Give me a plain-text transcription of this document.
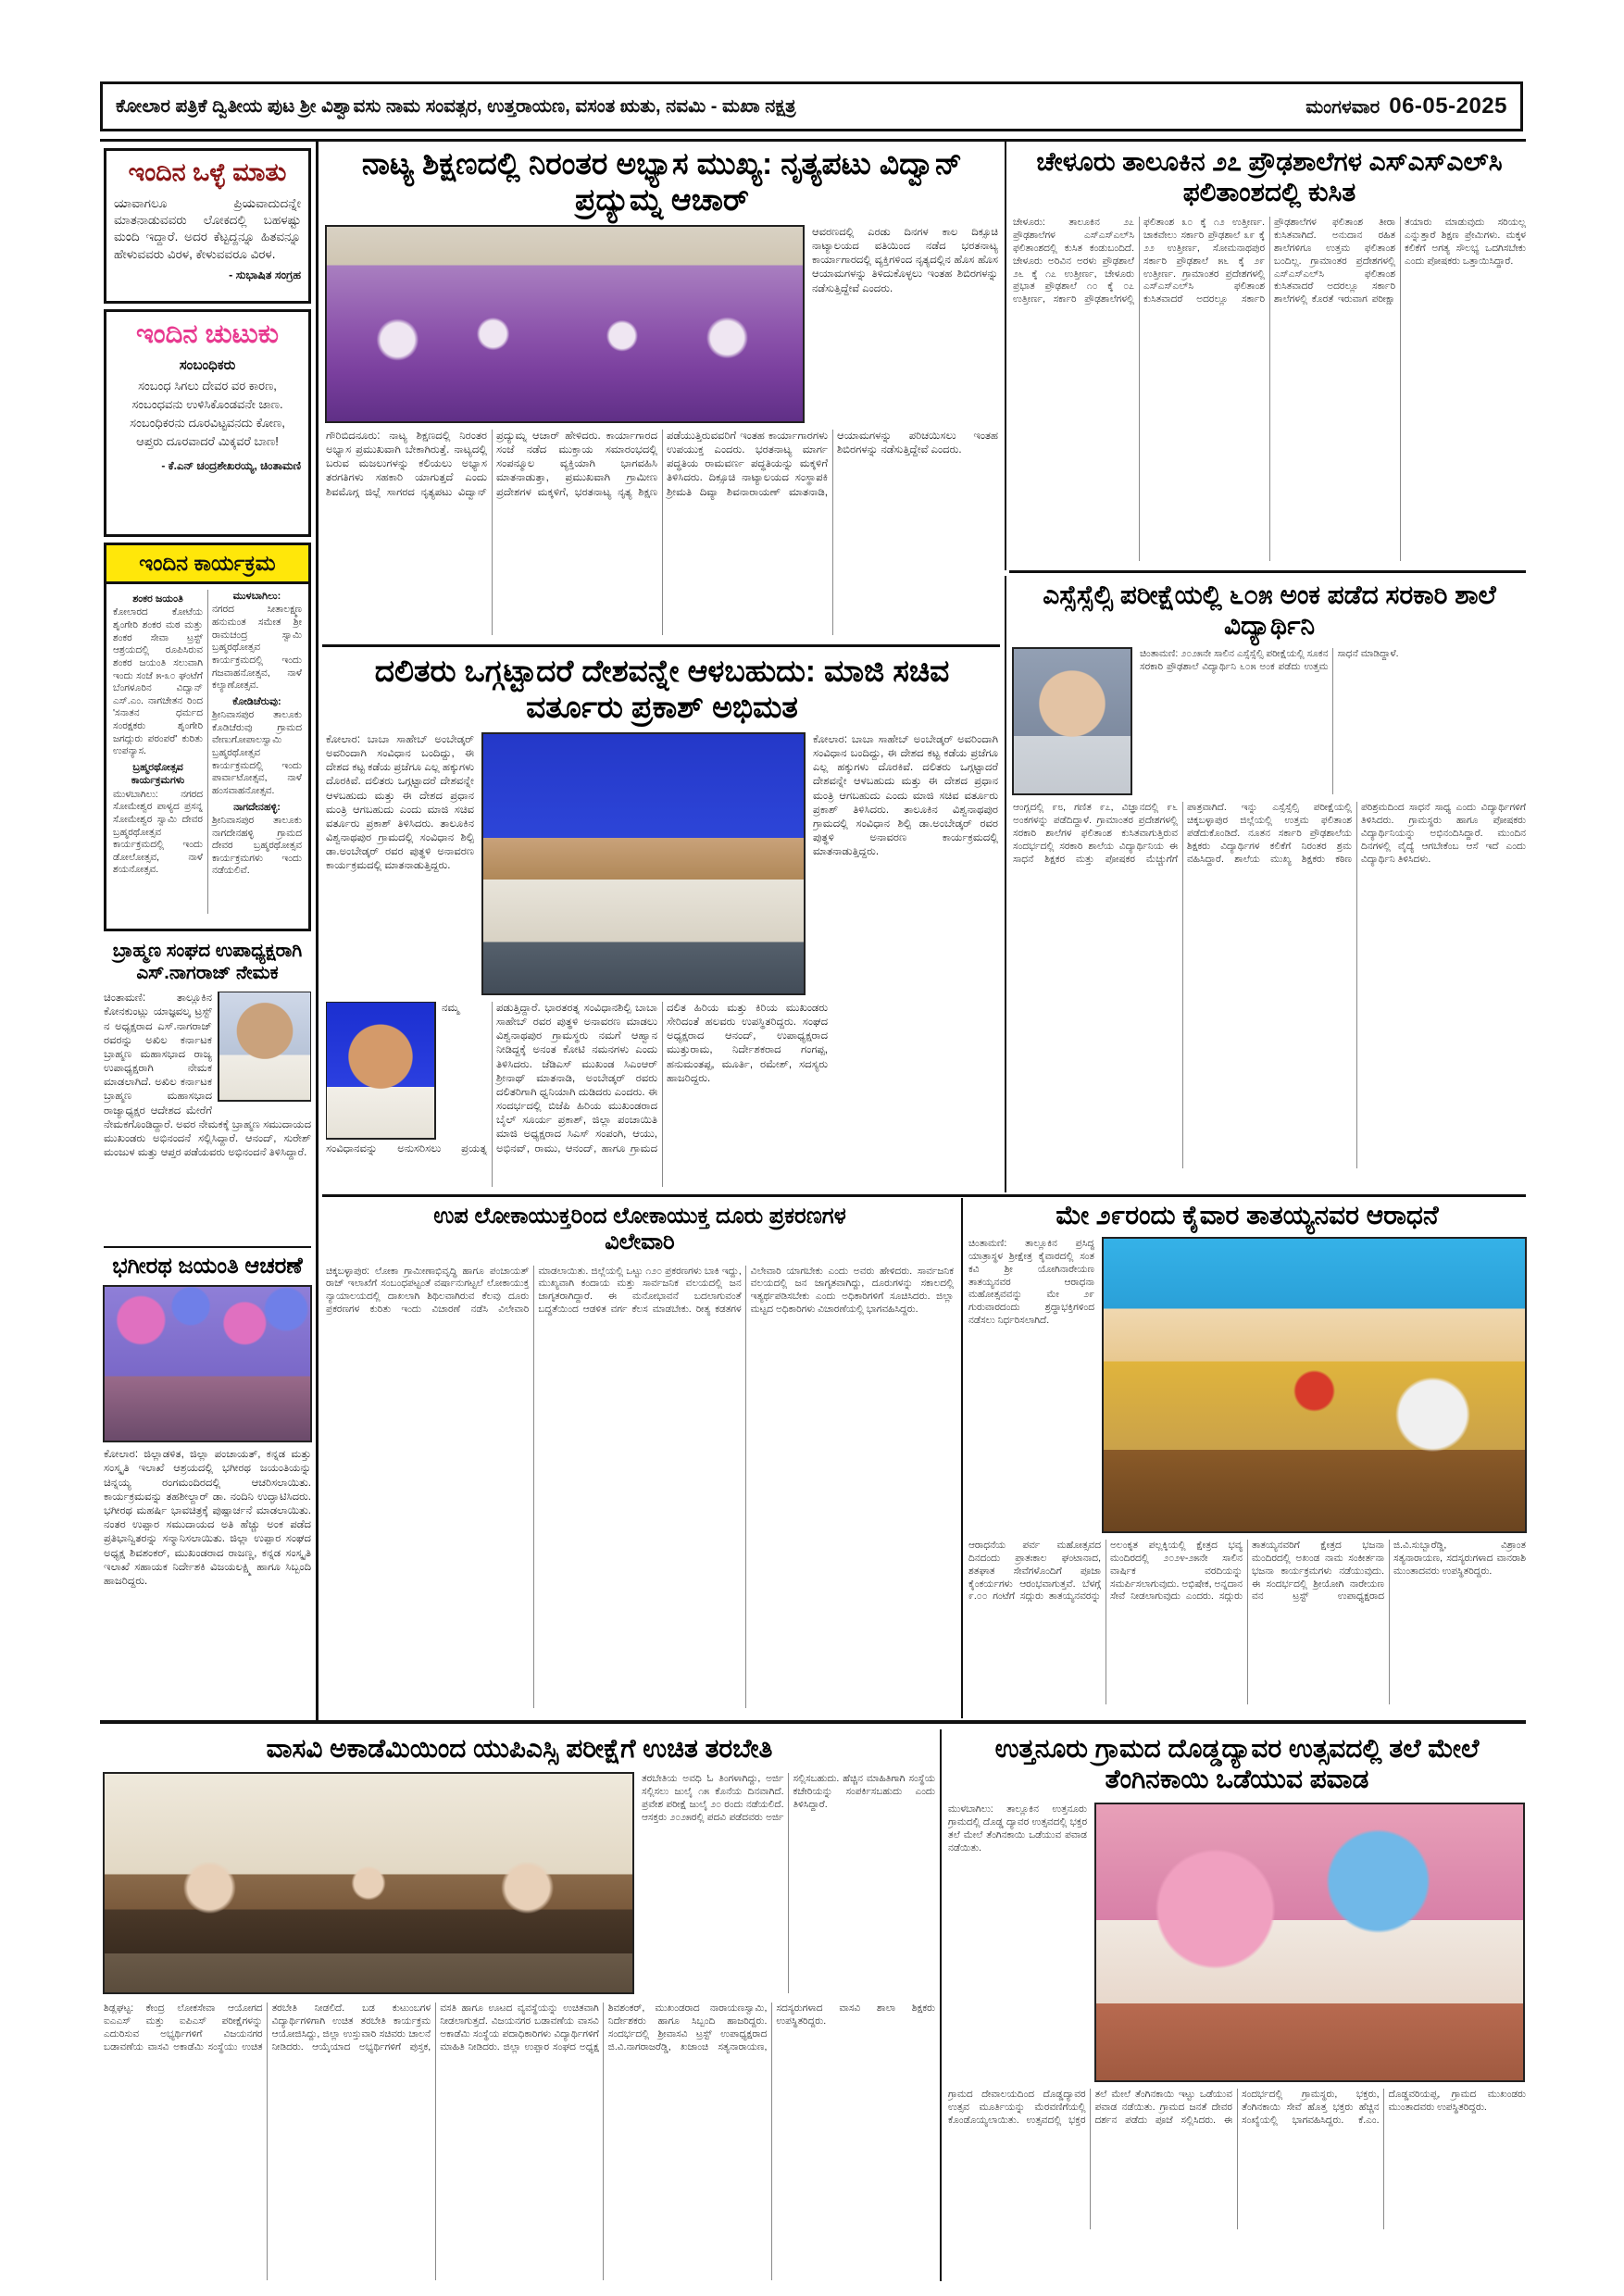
ಕೋಲಾರ ಪತ್ರಿಕೆ ದ್ವಿತೀಯ ಪುಟ ಶ್ರೀ ವಿಶ್ವಾವಸು ನಾಮ ಸಂವತ್ಸರ, ಉತ್ತರಾಯಣ, ವಸಂತ ಋತು, ನವಮಿ - ಮಖಾ ನಕ್ಷತ್ರ	ಮಂಗಳವಾರ 06-05-2025
ಇಂದಿನ ಒಳ್ಳೆ ಮಾತು
ಯಾವಾಗಲೂ ಪ್ರಿಯವಾದುದನ್ನೇ ಮಾತನಾಡುವವರು ಲೋಕದಲ್ಲಿ ಬಹಳಷ್ಟು ಮಂದಿ ಇದ್ದಾರೆ. ಅದರ ಕೆಟ್ಟದ್ದನ್ನೂ ಹಿತವನ್ನೂ ಹೇಳುವವರು ವಿರಳ, ಕೇಳುವವರೂ ವಿರಳ.
- ಸುಭಾಷಿತ ಸಂಗ್ರಹ
ಇಂದಿನ ಚುಟುಕು
ಸಂಬಂಧಿಕರು
ಸಂಬಂಧ ಸಿಗಲು ದೇವರ ವರ ಕಾರಣ,
ಸಂಬಂಧವನು ಉಳಿಸಿಕೊಂಡವನೇ ಜಾಣ.
ಸಂಬಂಧಿಕರನು ದೂರವಿಟ್ಟವನದು ಕೋಣ,
ಆಪ್ತರು ದೂರವಾದರೆ ಮಿಕ್ಕವರೆ ಬಾಣ!
- ಕೆ.ಎನ್ ಚಂದ್ರಶೇಖರಯ್ಯ, ಚಿಂತಾಮಣಿ
ಇಂದಿನ ಕಾರ್ಯಕ್ರಮ
ಶಂಕರ ಜಯಂತಿ
ಕೋಲಾರದ ಕೋಟೆಯ ಶೃಂಗೇರಿ ಶಂಕರ ಮಠ ಮತ್ತು ಶಂಕರ ಸೇವಾ ಟ್ರಸ್ಟ್ ಆಶ್ರಯದಲ್ಲಿ ರೂಪಿಸಿರುವ ಶಂಕರ ಜಯಂತಿ ಸಲುವಾಗಿ ಇಂದು ಸಂಜೆ ೫-೩೦ ಘಂಟೆಗೆ ಬೆಂಗಳೂರಿನ ವಿದ್ವಾನ್ ಎಸ್.ಎಂ. ನಾಗಚೇತನ ರಿಂದ 'ಸನಾತನ ಧರ್ಮದ ಸಂರಕ್ಷಕರು ಶೃಂಗೇರಿ ಜಗದ್ಗುರು ಪರಂಪರೆ' ಕುರಿತು ಉಪನ್ಯಾಸ.
ಬ್ರಹ್ಮರಥೋತ್ಸವ ಕಾರ್ಯಕ್ರಮಗಳು
ಮುಳಬಾಗಿಲು: ನಗರದ ಸೋಮೇಶ್ವರ ಪಾಳ್ಯದ ಪ್ರಸನ್ನ ಸೋಮೇಶ್ವರ ಸ್ವಾಮಿ ದೇವರ ಬ್ರಹ್ಮರಥೋತ್ಸವ ಕಾರ್ಯಕ್ರಮದಲ್ಲಿ ಇಂದು ಡೋಲೋತ್ಸವ, ನಾಳೆ ಶಯನೋತ್ಸವ.
ಮುಳಬಾಗಿಲು:
ನಗರದ ಸೀತಾಲಕ್ಷ್ಮಣ ಹನುಮಂತ ಸಮೇತ ಶ್ರೀ ರಾಮಚಂದ್ರ ಸ್ವಾಮಿ ಬ್ರಹ್ಮರಥೋತ್ಸವ ಕಾರ್ಯಕ್ರಮದಲ್ಲಿ ಇಂದು ಗಜವಾಹನೋತ್ಸವ, ನಾಳೆ ಕಲ್ಯಾಣೋತ್ಸವ.
ಕೋಡಿಚೆರುವು:
ಶ್ರೀನಿವಾಸಪುರ ತಾಲೂಕು ಕೊಡಿಚೆರುವು ಗ್ರಾಮದ ವೇಣುಗೋಪಾಲಸ್ವಾಮಿ ಬ್ರಹ್ಮರಥೋತ್ಸವ ಕಾರ್ಯಕ್ರಮದಲ್ಲಿ ಇಂದು ಪಾರ್ವಾಟೋತ್ಸವ, ನಾಳೆ ಹಂಸವಾಹನೋತ್ಸವ.
ನಾಗದೇನಹಳ್ಳಿ:
ಶ್ರೀನಿವಾಸಪುರ ತಾಲೂಕು ನಾಗದೇನಹಳ್ಳಿ ಗ್ರಾಮದ ದೇವರ ಬ್ರಹ್ಮರಥೋತ್ಸವ ಕಾರ್ಯಕ್ರಮಗಳು ಇಂದು ನಡೆಯಲಿವೆ.
ಬ್ರಾಹ್ಮಣ ಸಂಘದ ಉಪಾಧ್ಯಕ್ಷರಾಗಿ ಎಸ್.ನಾಗರಾಜ್ ನೇಮಕ
ಚಿಂತಾಮಣಿ: ತಾಲ್ಲೂಕಿನ ಕೋನಕುಂಟ್ಲು ಯಾಜ್ಞವಲ್ಕ ಟ್ರಸ್ಟ್ ನ ಅಧ್ಯಕ್ಷರಾದ ಎಸ್.ನಾಗರಾಜ್ ರವರನ್ನು ಅಖಿಲ ಕರ್ನಾಟಕ ಬ್ರಾಹ್ಮಣ ಮಹಾಸಭಾದ ರಾಜ್ಯ ಉಪಾಧ್ಯಕ್ಷರಾಗಿ ನೇಮಕ ಮಾಡಲಾಗಿದೆ. ಅಖಿಲ ಕರ್ನಾಟಕ ಬ್ರಾಹ್ಮಣ ಮಹಾಸಭಾದ ರಾಜ್ಯಾಧ್ಯಕ್ಷರ ಆದೇಶದ ಮೇರೆಗೆ ನೇಮಕಗೊಂಡಿದ್ದಾರೆ. ಅವರ ನೇಮಕಕ್ಕೆ ಬ್ರಾಹ್ಮಣ ಸಮುದಾಯದ ಮುಖಂಡರು ಅಭಿನಂದನೆ ಸಲ್ಲಿಸಿದ್ದಾರೆ. ಆನಂದ್, ಸುರೇಶ್ ಮಂಜುಳ ಮತ್ತು ಆಪ್ತರ ಪಡೆಯವರು ಅಭಿನಂದನೆ ತಿಳಿಸಿದ್ದಾರೆ.
ಭಗೀರಥ ಜಯಂತಿ ಆಚರಣೆ
ಕೋಲಾರ: ಜಿಲ್ಲಾಡಳಿತ, ಜಿಲ್ಲಾ ಪಂಚಾಯತ್, ಕನ್ನಡ ಮತ್ತು ಸಂಸ್ಕೃತಿ ಇಲಾಖೆ ಆಶ್ರಯದಲ್ಲಿ ಭಗೀರಥ ಜಯಂತಿಯನ್ನು ಚಿನ್ನಯ್ಯ ರಂಗಮಂದಿರದಲ್ಲಿ ಆಚರಿಸಲಾಯಿತು. ಕಾರ್ಯಕ್ರಮವನ್ನು ತಹಶೀಲ್ದಾರ್ ಡಾ. ನಂದಿನಿ ಉದ್ಘಾಟಿಸಿದರು. ಭಗೀರಥ ಮಹರ್ಷಿ ಭಾವಚಿತ್ರಕ್ಕೆ ಪುಷ್ಪಾರ್ಚನೆ ಮಾಡಲಾಯಿತು. ನಂತರ ಉಪ್ಪಾರ ಸಮುದಾಯದ ಅತಿ ಹೆಚ್ಚು ಅಂಕ ಪಡೆದ ಪ್ರತಿಭಾನ್ವಿತರನ್ನು ಸನ್ಮಾನಿಸಲಾಯಿತು. ಜಿಲ್ಲಾ ಉಪ್ಪಾರ ಸಂಘದ ಅಧ್ಯಕ್ಷ ಶಿವಶಂಕರ್, ಮುಖಂಡರಾದ ರಾಜಣ್ಣ, ಕನ್ನಡ ಸಂಸ್ಕೃತಿ ಇಲಾಖೆ ಸಹಾಯಕ ನಿರ್ದೇಶಕಿ ವಿಜಯಲಕ್ಷ್ಮಿ ಹಾಗೂ ಸಿಬ್ಬಂದಿ ಹಾಜರಿದ್ದರು.
ನಾಟ್ಯ ಶಿಕ್ಷಣದಲ್ಲಿ ನಿರಂತರ ಅಭ್ಯಾಸ ಮುಖ್ಯ: ನೃತ್ಯಪಟು ವಿದ್ವಾನ್ ಪ್ರದ್ಯುಮ್ನ ಆಚಾರ್
ಆವರಣದಲ್ಲಿ ಎರಡು ದಿನಗಳ ಕಾಲ ದಿಕ್ಸೂಚಿ ನಾಟ್ಯಾಲಯದ ವತಿಯಿಂದ ನಡೆದ ಭರತನಾಟ್ಯ ಕಾರ್ಯಾಗಾರದಲ್ಲಿ ವ್ಯಕ್ತಿಗಳಿಂದ ನೃತ್ಯದಲ್ಲಿನ ಹೊಸ ಹೊಸ ಆಯಾಮಗಳನ್ನು ತಿಳಿದುಕೊಳ್ಳಲು ಇಂತಹ ಶಿಬಿರಗಳನ್ನು ನಡೆಸುತ್ತಿದ್ದೇವೆ ಎಂದರು.
ಗೌರಿಬಿದನೂರು: ನಾಟ್ಯ ಶಿಕ್ಷಣದಲ್ಲಿ ನಿರಂತರ ಅಭ್ಯಾಸ ಪ್ರಮುಖವಾಗಿ ಬೇಕಾಗಿರುತ್ತೆ. ನಾಟ್ಯದಲ್ಲಿ ಬರುವ ಮಜಲುಗಳನ್ನು ಕಲಿಯಲು ಅಭ್ಯಾಸ ತರಗತಿಗಳು ಸಹಕಾರಿ ಯಾಗುತ್ತದೆ ಎಂದು ಶಿವಮೊಗ್ಗ ಜಿಲ್ಲೆ ಸಾಗರದ ನೃತ್ಯಪಟು ವಿದ್ವಾನ್ ಪ್ರದ್ಯುಮ್ನ ಆಚಾರ್ ಹೇಳಿದರು. ಕಾರ್ಯಾಗಾರದ ಸಂಜೆ ನಡೆದ ಮುಕ್ತಾಯ ಸಮಾರಂಭದಲ್ಲಿ ಸಂಪನ್ಮೂಲ ವ್ಯಕ್ತಿಯಾಗಿ ಭಾಗವಹಿಸಿ ಮಾತನಾಡುತ್ತಾ, ಪ್ರಮುಖವಾಗಿ ಗ್ರಾಮೀಣ ಪ್ರದೇಶಗಳ ಮಕ್ಕಳಿಗೆ, ಭರತನಾಟ್ಯ ನೃತ್ಯ ಶಿಕ್ಷಣ ಪಡೆಯುತ್ತಿರುವವರಿಗೆ ಇಂತಹ ಕಾರ್ಯಾಗಾರಗಳು ಉಪಯುಕ್ತ ಎಂದರು. ಭರತನಾಟ್ಯ ಮಾರ್ಗ ಪದ್ಧತಿಯ ರಾಮವರ್ಣ ಪದ್ಧತಿಯನ್ನು ಮಕ್ಕಳಿಗೆ ತಿಳಿಸಿದರು. ದಿಕ್ಸೂಚಿ ನಾಟ್ಯಾಲಯದ ಸಂಸ್ಥಾಪಕಿ ಶ್ರೀಮತಿ ದಿವ್ಯಾ ಶಿವನಾರಾಯಣ್ ಮಾತನಾಡಿ, ಆಯಾಮಗಳನ್ನು ಪರಿಚಯಿಸಲು ಇಂತಹ ಶಿಬಿರಗಳನ್ನು ನಡೆಸುತ್ತಿದ್ದೇವೆ ಎಂದರು.
ಚೇಳೂರು ತಾಲೂಕಿನ ೨೭ ಪ್ರೌಢಶಾಲೆಗಳ ಎಸ್‌ಎಸ್‌ಎಲ್‌ಸಿ ಫಲಿತಾಂಶದಲ್ಲಿ ಕುಸಿತ
ಚೇಳೂರು: ತಾಲೂಕಿನ ೨೭ ಪ್ರೌಢಶಾಲೆಗಳ ಎಸ್‌ಎಸ್‌ಎಲ್‌ಸಿ ಫಲಿತಾಂಶದಲ್ಲಿ ಕುಸಿತ ಕಂಡುಬಂದಿದೆ. ಚೇಳೂರು ಅರಿವಿನ ಅರಳು ಪ್ರೌಢಶಾಲೆ ೨೬ ಕ್ಕೆ ೧೭ ಉತ್ತೀರ್ಣ, ಚೇಳೂರು ಪ್ರಭಾತ ಪ್ರೌಢಶಾಲೆ ೧೦ ಕ್ಕೆ ೦೭ ಉತ್ತೀರ್ಣ, ಸರ್ಕಾರಿ ಪ್ರೌಢಶಾಲೆಗಳಲ್ಲಿ ಫಲಿತಾಂಶ ೩೦ ಕ್ಕೆ ೧೨ ಉತ್ತೀರ್ಣ. ಚಾಕವೇಲು ಸರ್ಕಾರಿ ಪ್ರೌಢಶಾಲೆ ೩೯ ಕ್ಕೆ ೨೨ ಉತ್ತೀರ್ಣ, ಸೋಮನಾಥಪುರ ಸರ್ಕಾರಿ ಪ್ರೌಢಶಾಲೆ ೫೬ ಕ್ಕೆ ೨೯ ಉತ್ತೀರ್ಣ. ಗ್ರಾಮಾಂತರ ಪ್ರದೇಶಗಳಲ್ಲಿ ಎಸ್‌ಎಸ್‌ಎಲ್‌ಸಿ ಫಲಿತಾಂಶ ಕುಸಿತವಾದರೆ ಅದರಲ್ಲೂ ಸರ್ಕಾರಿ ಪ್ರೌಢಶಾಲೆಗಳ ಫಲಿತಾಂಶ ತೀರಾ ಕುಸಿತವಾಗಿದೆ. ಅನುದಾನ ರಹಿತ ಶಾಲೆಗಳಿಗೂ ಉತ್ತಮ ಫಲಿತಾಂಶ ಬಂದಿಲ್ಲ. ಗ್ರಾಮಾಂತರ ಪ್ರದೇಶಗಳಲ್ಲಿ ಎಸ್‌ಎಸ್‌ಎಲ್‌ಸಿ ಫಲಿತಾಂಶ ಕುಸಿತವಾದರೆ ಅದರಲ್ಲೂ ಸರ್ಕಾರಿ ಶಾಲೆಗಳಲ್ಲಿ ಕೊರತೆ ಇರುವಾಗ ಪರೀಕ್ಷಾ ತಯಾರು ಮಾಡುವುದು ಸರಿಯಲ್ಲ ಎನ್ನುತ್ತಾರೆ ಶಿಕ್ಷಣ ಪ್ರೇಮಿಗಳು. ಮಕ್ಕಳ ಕಲಿಕೆಗೆ ಅಗತ್ಯ ಸೌಲಭ್ಯ ಒದಗಿಸಬೇಕು ಎಂದು ಪೋಷಕರು ಒತ್ತಾಯಿಸಿದ್ದಾರೆ.
ದಲಿತರು ಒಗ್ಗಟ್ಟಾದರೆ ದೇಶವನ್ನೇ ಆಳಬಹುದು: ಮಾಜಿ ಸಚಿವ ವರ್ತೂರು ಪ್ರಕಾಶ್ ಅಭಿಮತ
ಕೋಲಾರ: ಬಾಬಾ ಸಾಹೇಬ್ ಅಂಬೇಡ್ಕರ್ ಅವರಿಂದಾಗಿ ಸಂವಿಧಾನ ಬಂದಿದ್ದು, ಈ ದೇಶದ ಕಟ್ಟ ಕಡೆಯ ಪ್ರಜೆಗೂ ಎಲ್ಲ ಹಕ್ಕುಗಳು ದೊರಕಿವೆ. ದಲಿತರು ಒಗ್ಗಟ್ಟಾದರೆ ದೇಶವನ್ನೇ ಆಳಬಹುದು ಮತ್ತು ಈ ದೇಶದ ಪ್ರಧಾನ ಮಂತ್ರಿ ಆಗಬಹುದು ಎಂದು ಮಾಜಿ ಸಚಿವ ವರ್ತೂರು ಪ್ರಕಾಶ್ ತಿಳಿಸಿದರು. ತಾಲೂಕಿನ ವಿಶ್ವನಾಥಪುರ ಗ್ರಾಮದಲ್ಲಿ ಸಂವಿಧಾನ ಶಿಲ್ಪಿ ಡಾ.ಅಂಬೇಡ್ಕರ್ ರವರ ಪುತ್ಥಳಿ ಅನಾವರಣ ಕಾರ್ಯಕ್ರಮದಲ್ಲಿ ಮಾತನಾಡುತ್ತಿದ್ದರು.
ಕೋಲಾರ: ಬಾಬಾ ಸಾಹೇಬ್ ಅಂಬೇಡ್ಕರ್ ಅವರಿಂದಾಗಿ ಸಂವಿಧಾನ ಬಂದಿದ್ದು, ಈ ದೇಶದ ಕಟ್ಟ ಕಡೆಯ ಪ್ರಜೆಗೂ ಎಲ್ಲ ಹಕ್ಕುಗಳು ದೊರಕಿವೆ. ದಲಿತರು ಒಗ್ಗಟ್ಟಾದರೆ ದೇಶವನ್ನೇ ಆಳಬಹುದು ಮತ್ತು ಈ ದೇಶದ ಪ್ರಧಾನ ಮಂತ್ರಿ ಆಗಬಹುದು ಎಂದು ಮಾಜಿ ಸಚಿವ ವರ್ತೂರು ಪ್ರಕಾಶ್ ತಿಳಿಸಿದರು. ತಾಲೂಕಿನ ವಿಶ್ವನಾಥಪುರ ಗ್ರಾಮದಲ್ಲಿ ಸಂವಿಧಾನ ಶಿಲ್ಪಿ ಡಾ.ಅಂಬೇಡ್ಕರ್ ರವರ ಪುತ್ಥಳಿ ಅನಾವರಣ ಕಾರ್ಯಕ್ರಮದಲ್ಲಿ ಮಾತನಾಡುತ್ತಿದ್ದರು.
ನಮ್ಮ ಸಂವಿಧಾನವನ್ನು ಅನುಸರಿಸಲು ಪ್ರಯತ್ನ ಪಡುತ್ತಿದ್ದಾರೆ. ಭಾರತರತ್ನ ಸಂವಿಧಾನಶಿಲ್ಪಿ ಬಾಬಾ ಸಾಹೇಬ್ ರವರ ಪುತ್ಥಳಿ ಅನಾವರಣ ಮಾಡಲು ವಿಶ್ವನಾಥಪುರ ಗ್ರಾಮಸ್ಥರು ನಮಗೆ ಆಹ್ವಾನ ನೀಡಿದ್ದಕ್ಕೆ ಅನಂತ ಕೋಟಿ ನಮನಗಳು ಎಂದು ತಿಳಿಸಿದರು. ಜೆಡಿಎಸ್ ಮುಖಂಡ ಸಿಎಂಆರ್ ಶ್ರೀನಾಥ್ ಮಾತನಾಡಿ, ಅಂಬೇಡ್ಕರ್ ರವರು ದಲಿತರಿಗಾಗಿ ಧ್ವನಿಯಾಗಿ ದುಡಿದರು ಎಂದರು. ಈ ಸಂದರ್ಭದಲ್ಲಿ ಬಿಜೆಪಿ ಹಿರಿಯ ಮುಖಂಡರಾದ ಬೈಲ್ ಸೂರ್ಯ ಪ್ರಕಾಶ್, ಜಿಲ್ಲಾ ಪಂಚಾಯಿತಿ ಮಾಜಿ ಅಧ್ಯಕ್ಷರಾದ ಸಿಎಸ್ ಸಂಪಂಗಿ, ಆಯು, ಅಭಿನವ್, ರಾಮು, ಆನಂದ್, ಹಾಗೂ ಗ್ರಾಮದ ದಲಿತ ಹಿರಿಯ ಮತ್ತು ಕಿರಿಯ ಮುಖಂಡರು ಸೇರಿದಂತೆ ಹಲವರು ಉಪಸ್ಥಿತರಿದ್ದರು. ಸಂಘದ ಅಧ್ಯಕ್ಷರಾದ ಆನಂದ್, ಉಪಾಧ್ಯಕ್ಷರಾದ ಮುತ್ತುರಾಮ, ನಿರ್ದೇಶಕರಾದ ಗಂಗಪ್ಪ, ಹನುಮಂತಪ್ಪ, ಮೂರ್ತಿ, ರಮೇಶ್, ಸದಸ್ಯರು ಹಾಜರಿದ್ದರು.
ಎಸ್ಸೆಸ್ಸೆಲ್ಸಿ ಪರೀಕ್ಷೆಯಲ್ಲಿ ೬೦೫ ಅಂಕ ಪಡೆದ ಸರಕಾರಿ ಶಾಲೆ ವಿದ್ಯಾರ್ಥಿನಿ
ಚಿಂತಾಮಣಿ: ೨೦೨೫ನೇ ಸಾಲಿನ ಎಸ್ಸೆಸ್ಸೆಲ್ಸಿ ಪರೀಕ್ಷೆಯಲ್ಲಿ ಸೂಕನ ಸರಕಾರಿ ಪ್ರೌಢಶಾಲೆ ವಿದ್ಯಾರ್ಥಿನಿ ೬೦೫ ಅಂಕ ಪಡೆದು ಉತ್ತಮ ಸಾಧನೆ ಮಾಡಿದ್ದಾಳೆ.
ಆಂಗ್ಲದಲ್ಲಿ ೯೮, ಗಣಿತ ೯೭, ವಿಜ್ಞಾನದಲ್ಲಿ ೯೬ ಅಂಕಗಳನ್ನು ಪಡೆದಿದ್ದಾಳೆ. ಗ್ರಾಮಾಂತರ ಪ್ರದೇಶಗಳಲ್ಲಿ ಸರಕಾರಿ ಶಾಲೆಗಳ ಫಲಿತಾಂಶ ಕುಸಿತವಾಗುತ್ತಿರುವ ಸಂದರ್ಭದಲ್ಲಿ ಸರಕಾರಿ ಶಾಲೆಯ ವಿದ್ಯಾರ್ಥಿನಿಯ ಈ ಸಾಧನೆ ಶಿಕ್ಷಕರ ಮತ್ತು ಪೋಷಕರ ಮೆಚ್ಚುಗೆಗೆ ಪಾತ್ರವಾಗಿದೆ. ಇನ್ನು ಎಸ್ಸೆಸ್ಸೆಲ್ಸಿ ಪರೀಕ್ಷೆಯಲ್ಲಿ ಚಿಕ್ಕಬಳ್ಳಾಪುರ ಜಿಲ್ಲೆಯಲ್ಲಿ ಉತ್ತಮ ಫಲಿತಾಂಶ ಪಡೆದುಕೊಂಡಿದೆ. ನೂತನ ಸರ್ಕಾರಿ ಪ್ರೌಢಶಾಲೆಯ ಶಿಕ್ಷಕರು ವಿದ್ಯಾರ್ಥಿಗಳ ಕಲಿಕೆಗೆ ನಿರಂತರ ಶ್ರಮ ವಹಿಸಿದ್ದಾರೆ. ಶಾಲೆಯ ಮುಖ್ಯ ಶಿಕ್ಷಕರು ಕಠಿಣ ಪರಿಶ್ರಮದಿಂದ ಸಾಧನೆ ಸಾಧ್ಯ ಎಂದು ವಿದ್ಯಾರ್ಥಿಗಳಿಗೆ ತಿಳಿಸಿದರು. ಗ್ರಾಮಸ್ಥರು ಹಾಗೂ ಪೋಷಕರು ವಿದ್ಯಾರ್ಥಿನಿಯನ್ನು ಅಭಿನಂದಿಸಿದ್ದಾರೆ. ಮುಂದಿನ ದಿನಗಳಲ್ಲಿ ವೈದ್ಯೆ ಆಗಬೇಕೆಂಬ ಆಸೆ ಇದೆ ಎಂದು ವಿದ್ಯಾರ್ಥಿನಿ ತಿಳಿಸಿದಳು.
ಉಪ ಲೋಕಾಯುಕ್ತರಿಂದ ಲೋಕಾಯುಕ್ತ ದೂರು ಪ್ರಕರಣಗಳ ವಿಲೇವಾರಿ
ಚಿಕ್ಕಬಳ್ಳಾಪುರ: ಲೋಕಾ ಗ್ರಾಮೀಣಾಭಿವೃದ್ಧಿ ಹಾಗೂ ಪಂಚಾಯತ್ ರಾಜ್ ಇಲಾಖೆಗೆ ಸಂಬಂಧಪಟ್ಟಂತೆ ವರ್ಷಾನುಗಟ್ಟಲೆ ಲೋಕಾಯುಕ್ತ ನ್ಯಾಯಾಲಯದಲ್ಲಿ ದಾಖಲಾಗಿ ಶಿಥಿಲವಾಗಿರುವ ಕೆಲವು ದೂರು ಪ್ರಕರಣಗಳ ಕುರಿತು ಇಂದು ವಿಚಾರಣೆ ನಡೆಸಿ ವಿಲೇವಾರಿ ಮಾಡಲಾಯಿತು. ಜಿಲ್ಲೆಯಲ್ಲಿ ಒಟ್ಟು ೧೨೦ ಪ್ರಕರಣಗಳು ಬಾಕಿ ಇದ್ದು, ಮುಖ್ಯವಾಗಿ ಕಂದಾಯ ಮತ್ತು ಸಾರ್ವಜನಿಕ ವಲಯದಲ್ಲಿ ಜನ ಜಾಗೃತರಾಗಿದ್ದಾರೆ. ಈ ಮನೋಭಾವನೆ ಬದಲಾಗುವಂತೆ ಬದ್ಧತೆಯಿಂದ ಆಡಳಿತ ವರ್ಗ ಕೆಲಸ ಮಾಡಬೇಕು. ರೀತ್ಯ ಕಡತಗಳ ವಿಲೇವಾರಿ ಯಾಗಬೇಕು ಎಂದು ಅವರು ಹೇಳಿದರು. ಸಾರ್ವಜನಿಕ ವಲಯದಲ್ಲಿ ಜನ ಜಾಗೃತವಾಗಿದ್ದು, ದೂರುಗಳನ್ನು ಸಕಾಲದಲ್ಲಿ ಇತ್ಯರ್ಥಪಡಿಸಬೇಕು ಎಂದು ಅಧಿಕಾರಿಗಳಿಗೆ ಸೂಚಿಸಿದರು. ಜಿಲ್ಲಾ ಮಟ್ಟದ ಅಧಿಕಾರಿಗಳು ವಿಚಾರಣೆಯಲ್ಲಿ ಭಾಗವಹಿಸಿದ್ದರು.
ಮೇ ೨೯ರಂದು ಕೈವಾರ ತಾತಯ್ಯನವರ ಆರಾಧನೆ
ಚಿಂತಾಮಣಿ: ತಾಲ್ಲೂಕಿನ ಪ್ರಸಿದ್ಧ ಯಾತ್ರಾಸ್ಥಳ ಶ್ರೀಕ್ಷೇತ್ರ ಕೈವಾರದಲ್ಲಿ ಸಂತ ಕವಿ ಶ್ರೀ ಯೋಗಿನಾರೇಯಣ ತಾತಯ್ಯನವರ ಆರಾಧನಾ ಮಹೋತ್ಸವವನ್ನು ಮೇ ೨೯ ಗುರುವಾರದಂದು ಶ್ರದ್ಧಾಭಕ್ತಿಗಳಿಂದ ನಡೆಸಲು ನಿರ್ಧರಿಸಲಾಗಿದೆ.
ಆರಾಧನೆಯ ಪರ್ವ ಮಹೋತ್ಸವದ ದಿನದಂದು ಪ್ರಾತಃಕಾಲ ಘಂಟಾನಾದ, ಶತಘಾತ ಸೇವೆಗಳೊಂದಿಗೆ ಪೂಜಾ ಕೈಂಕರ್ಯಗಳು ಆರಂಭವಾಗುತ್ತವೆ. ಬೆಳಗ್ಗೆ ೯.೦೦ ಗಂಟೆಗೆ ಸದ್ಗುರು ತಾತಯ್ಯನವರನ್ನು ಅಲಂಕೃತ ಪಲ್ಲಕ್ಕಿಯಲ್ಲಿ ಕ್ಷೇತ್ರದ ಭವ್ಯ ಮಂದಿರದಲ್ಲಿ ೨೦೨೪-೨೫ನೇ ಸಾಲಿನ ವಾರ್ಷಿಕ ವರದಿಯನ್ನು ಸಮರ್ಪಿಸಲಾಗುವುದು. ಅಭಿಷೇಕ, ಅನ್ನದಾನ ಸೇವೆ ನೀಡಲಾಗುವುದು ಎಂದರು. ಸದ್ಗುರು ತಾತಯ್ಯನವರಿಗೆ ಕ್ಷೇತ್ರದ ಭಜನಾ ಮಂದಿರದಲ್ಲಿ ಅಖಂಡ ನಾಮ ಸಂಕೀರ್ತನಾ ಭಜನಾ ಕಾರ್ಯಕ್ರಮಗಳು ನಡೆಯುವುದು. ಈ ಸಂದರ್ಭದಲ್ಲಿ ಶ್ರೀಯೋಗಿ ನಾರೇಯಣ ವನ ಟ್ರಸ್ಟ್ ಉಪಾಧ್ಯಕ್ಷರಾದ ಜಿ.ವಿ.ಸುಬ್ಬಾರೆಡ್ಡಿ, ವಿಶ್ರಾಂತ ಸತ್ಯನಾರಾಯಣ, ಸದಸ್ಯರುಗಳಾದ ವಾನರಾಶಿ ಮುಂತಾದವರು ಉಪಸ್ಥಿತರಿದ್ದರು.
ವಾಸವಿ ಅಕಾಡೆಮಿಯಿಂದ ಯುಪಿಎಸ್ಸಿ ಪರೀಕ್ಷೆಗೆ ಉಚಿತ ತರಬೇತಿ
ತರಬೇತಿಯ ಅವಧಿ ಓ ತಿಂಗಳಾಗಿದ್ದು, ಅರ್ಜಿ ಸಲ್ಲಿಸಲು ಜುಲೈ ೧೫ ಕೊನೆಯ ದಿನವಾಗಿದೆ. ಪ್ರವೇಶ ಪರೀಕ್ಷೆ ಜುಲೈ ೨೦ ರಂದು ನಡೆಯಲಿದೆ. ಆಸಕ್ತರು ೨೦೨೫ರಲ್ಲಿ ಪದವಿ ಪಡೆದವರು ಅರ್ಜಿ ಸಲ್ಲಿಸಬಹುದು. ಹೆಚ್ಚಿನ ಮಾಹಿತಿಗಾಗಿ ಸಂಸ್ಥೆಯ ಕಚೇರಿಯನ್ನು ಸಂಪರ್ಕಿಸಬಹುದು ಎಂದು ತಿಳಿಸಿದ್ದಾರೆ.
ಶಿಡ್ಲಘಟ್ಟ: ಕೇಂದ್ರ ಲೋಕಸೇವಾ ಆಯೋಗದ ಐಎಎಸ್ ಮತ್ತು ಐಪಿಎಸ್ ಪರೀಕ್ಷೆಗಳನ್ನು ಎದುರಿಸುವ ಅಭ್ಯರ್ಥಿಗಳಿಗೆ ವಿಜಯನಗರ ಬಡಾವಣೆಯ ವಾಸವಿ ಅಕಾಡೆಮಿ ಸಂಸ್ಥೆಯು ಉಚಿತ ತರಬೇತಿ ನೀಡಲಿದೆ. ಬಡ ಕುಟುಂಬಗಳ ವಿದ್ಯಾರ್ಥಿಗಳಿಗಾಗಿ ಉಚಿತ ತರಬೇತಿ ಕಾರ್ಯಕ್ರಮ ಆಯೋಜಿಸಿದ್ದು, ಜಿಲ್ಲಾ ಉಸ್ತುವಾರಿ ಸಚಿವರು ಚಾಲನೆ ನೀಡಿದರು. ಆಯ್ಕೆಯಾದ ಅಭ್ಯರ್ಥಿಗಳಿಗೆ ಪುಸ್ತಕ, ವಸತಿ ಹಾಗೂ ಊಟದ ವ್ಯವಸ್ಥೆಯನ್ನು ಉಚಿತವಾಗಿ ನೀಡಲಾಗುತ್ತದೆ. ವಿಜಯನಗರ ಬಡಾವಣೆಯ ವಾಸವಿ ಅಕಾಡೆಮಿ ಸಂಸ್ಥೆಯ ಪದಾಧಿಕಾರಿಗಳು ವಿದ್ಯಾರ್ಥಿಗಳಿಗೆ ಮಾಹಿತಿ ನೀಡಿದರು. ಜಿಲ್ಲಾ ಉಪ್ಪಾರ ಸಂಘದ ಅಧ್ಯಕ್ಷ ಶಿವಶಂಕರ್, ಮುಖಂಡರಾದ ನಾರಾಯಣಸ್ವಾಮಿ, ನಿರ್ದೇಶಕರು ಹಾಗೂ ಸಿಬ್ಬಂದಿ ಹಾಜರಿದ್ದರು. ಸಂದರ್ಭದಲ್ಲಿ ಶ್ರೀವಾಸವಿ ಟ್ರಸ್ಟ್ ಉಪಾಧ್ಯಕ್ಷರಾದ ಜಿ.ವಿ.ನಾಗರಾಜರೆಡ್ಡಿ, ಖಜಾಂಚಿ ಸತ್ಯನಾರಾಯಣ, ಸದಸ್ಯರುಗಳಾದ ವಾಸವಿ ಶಾಲಾ ಶಿಕ್ಷಕರು ಉಪಸ್ಥಿತರಿದ್ದರು.
ಉತ್ತನೂರು ಗ್ರಾಮದ ದೊಡ್ಡದ್ಯಾವರ ಉತ್ಸವದಲ್ಲಿ ತಲೆ ಮೇಲೆ ತೆಂಗಿನಕಾಯಿ ಒಡೆಯುವ ಪವಾಡ
ಮುಳಬಾಗಿಲು: ತಾಲ್ಲೂಕಿನ ಉತ್ತನೂರು ಗ್ರಾಮದಲ್ಲಿ ದೊಡ್ಡ ದ್ಯಾವರ ಉತ್ಸವದಲ್ಲಿ ಭಕ್ತರ ತಲೆ ಮೇಲೆ ತೆಂಗಿನಕಾಯಿ ಒಡೆಯುವ ಪವಾಡ ನಡೆಯಿತು.
ಗ್ರಾಮದ ದೇವಾಲಯದಿಂದ ದೊಡ್ಡದ್ಯಾವರ ಉತ್ಸವ ಮೂರ್ತಿಯನ್ನು ಮೆರವಣಿಗೆಯಲ್ಲಿ ಕೊಂಡೊಯ್ಯಲಾಯಿತು. ಉತ್ಸವದಲ್ಲಿ ಭಕ್ತರ ತಲೆ ಮೇಲೆ ತೆಂಗಿನಕಾಯಿ ಇಟ್ಟು ಒಡೆಯುವ ಪವಾಡ ನಡೆಯಿತು. ಗ್ರಾಮದ ಜನತೆ ದೇವರ ದರ್ಶನ ಪಡೆದು ಪೂಜೆ ಸಲ್ಲಿಸಿದರು. ಈ ಸಂದರ್ಭದಲ್ಲಿ ಗ್ರಾಮಸ್ಥರು, ಭಕ್ತರು, ತೆಂಗಿನಕಾಯಿ ಸೇವೆ ಹೊತ್ತ ಭಕ್ತರು ಹೆಚ್ಚಿನ ಸಂಖ್ಯೆಯಲ್ಲಿ ಭಾಗವಹಿಸಿದ್ದರು. ಕೆ.ಎಂ. ದೊಡ್ಡವರಿಯಪ್ಪ, ಗ್ರಾಮದ ಮುಖಂಡರು ಮುಂತಾದವರು ಉಪಸ್ಥಿತರಿದ್ದರು.
